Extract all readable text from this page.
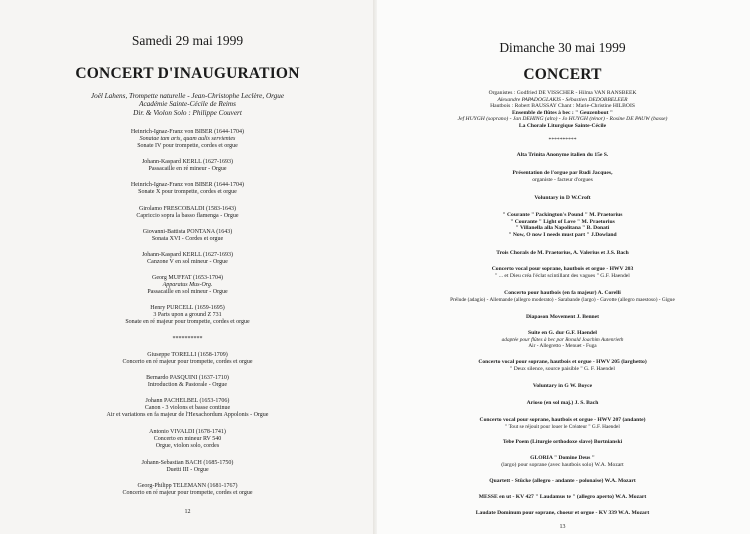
Samedi 29 mai 1999
CONCERT D'INAUGURATION
Joël Lahens, Trompette naturelle - Jean-Christophe Leclère, Orgue
Académie Sainte-Cécile de Reims
Dir. & Violon Solo : Philippe Couvert
Heinrich-Ignaz-Franz von BIBER (1644-1704)
Sonatae tam aris, quam aulis servientes
Sonate IV pour trompette, cordes et orgue
Johann-Kaspard KERLL (1627-1693)
Passacaille en ré mineur - Orgue
Heinrich-Ignaz-Franz von BIBER (1644-1704)
Sonate X pour trompette, cordes et orgue
Girolamo FRESCOBALDI (1583-1643)
Capriccio sopra la basso flamenga - Orgue
Giovanni-Battista PONTANA (1643)
Sonata XVI - Cordes et orgue
Johann-Kaspard KERLL (1627-1693)
Canzone V en sol mineur - Orgue
Georg MUFFAT (1653-1704)
Apparatus Mus-Org.
Passacaille en sol mineur - Orgue
Henry PURCELL (1659-1695)
3 Parts upon a ground Z 731
Sonate en ré majeur pour trompette, cordes et orgue
**********
Giuseppe TORELLI (1658-1709)
Concerto en ré majeur pour trompette, cordes et orgue
Bernardo PASQUINI (1637-1710)
Introduction & Pastorale - Orgue
Johann PACHELBEL (1653-1706)
Canon - 3 violons et basse continue
Air et variations en fa majeur de l'Hexachordum Appolonis - Orgue
Antonio VIVALDI (1678-1741)
Concerto en mineur RV 540
Orgue, violon solo, cordes
Johann-Sebastian BACH (1685-1750)
Duetti III - Orgue
Georg-Philipp TELEMANN (1681-1767)
Concerto en ré majeur pour trompette, cordes et orgue
12
Dimanche 30 mai 1999
CONCERT
Organistes : Godfried DE VISSCHER - Hilma VAN RANSBEEK
Alexandre PAPADOGLAKIS - Sébastien DEDOBBELEER
Hautbois : Robert BAUSSAY Chant : Marie-Christine HILBOIS
Ensemble de flûtes à bec : " Geuzenbout "
Jef HUYGH (soprano) - Jan DEHING (alto) - Jo HUYGH (ténor) - Rosine DE PAUW (basse)
La Chorale Liturgique Sainte-Cécile
**********
Alta Trinita Anonyme italien du 15e S.
Présentation de l'orgue par Rudi Jacques,
organiste - facteur d'orgues
Voluntary in D W.Croft
" Courante " Packington's Pound " M. Praetorius
" Courante " Light of Love " M. Praetorius
" Villanella alla Napolitana " B. Donati
" Now, O now I needs must part " J.Dowland
Trois Chorals de M. Praetorius, A. Valerius et J.S. Bach
Concerto vocal pour soprane, hautbois et orgue - HWV 203
" ... et Dieu créa l'éclat scintillant des vagues " G.F. Haendel
Concerto pour hautbois (en fa majeur) A. Corelli
Prélude (adagio) - Allemande (allegro moderato) - Sarabande (largo) - Gavotte (allegro maestoso) - Gigue
Diapason Movement J. Bennet
Suite en G. dur G.F. Haendel
adaptée pour flûtes à bec par Ronald Joachim Autenrieth
Air - Allegretto - Menuet - Fuga
Concerto vocal pour soprane, hautbois et orgue - HWV 205 (larghetto)
" Deux silence, source paisible " G. F. Haendel
Voluntary in G W. Boyce
Arioso (en sol maj.) J. S. Bach
Concerto vocal pour soprane, hautbois et orgue - HWV 207 (andante)
" Tout se réjouit pour louer le Créateur " G.F. Haendel
Tebe Poem (Liturgie orthodoxe slave) Bortnianski
GLORIA " Domine Deus "
(largo) pour soprane (avec hautbois solo) W.A. Mozart
Quartett - Stücke (allegro - andante - polonaise) W.A. Mozart
MESSE en ut - KV 427 " Laudamus te " (allegro aperto) W.A. Mozart
Laudate Dominum pour soprane, choeur et orgue - KV 339 W.A. Mozart
13
